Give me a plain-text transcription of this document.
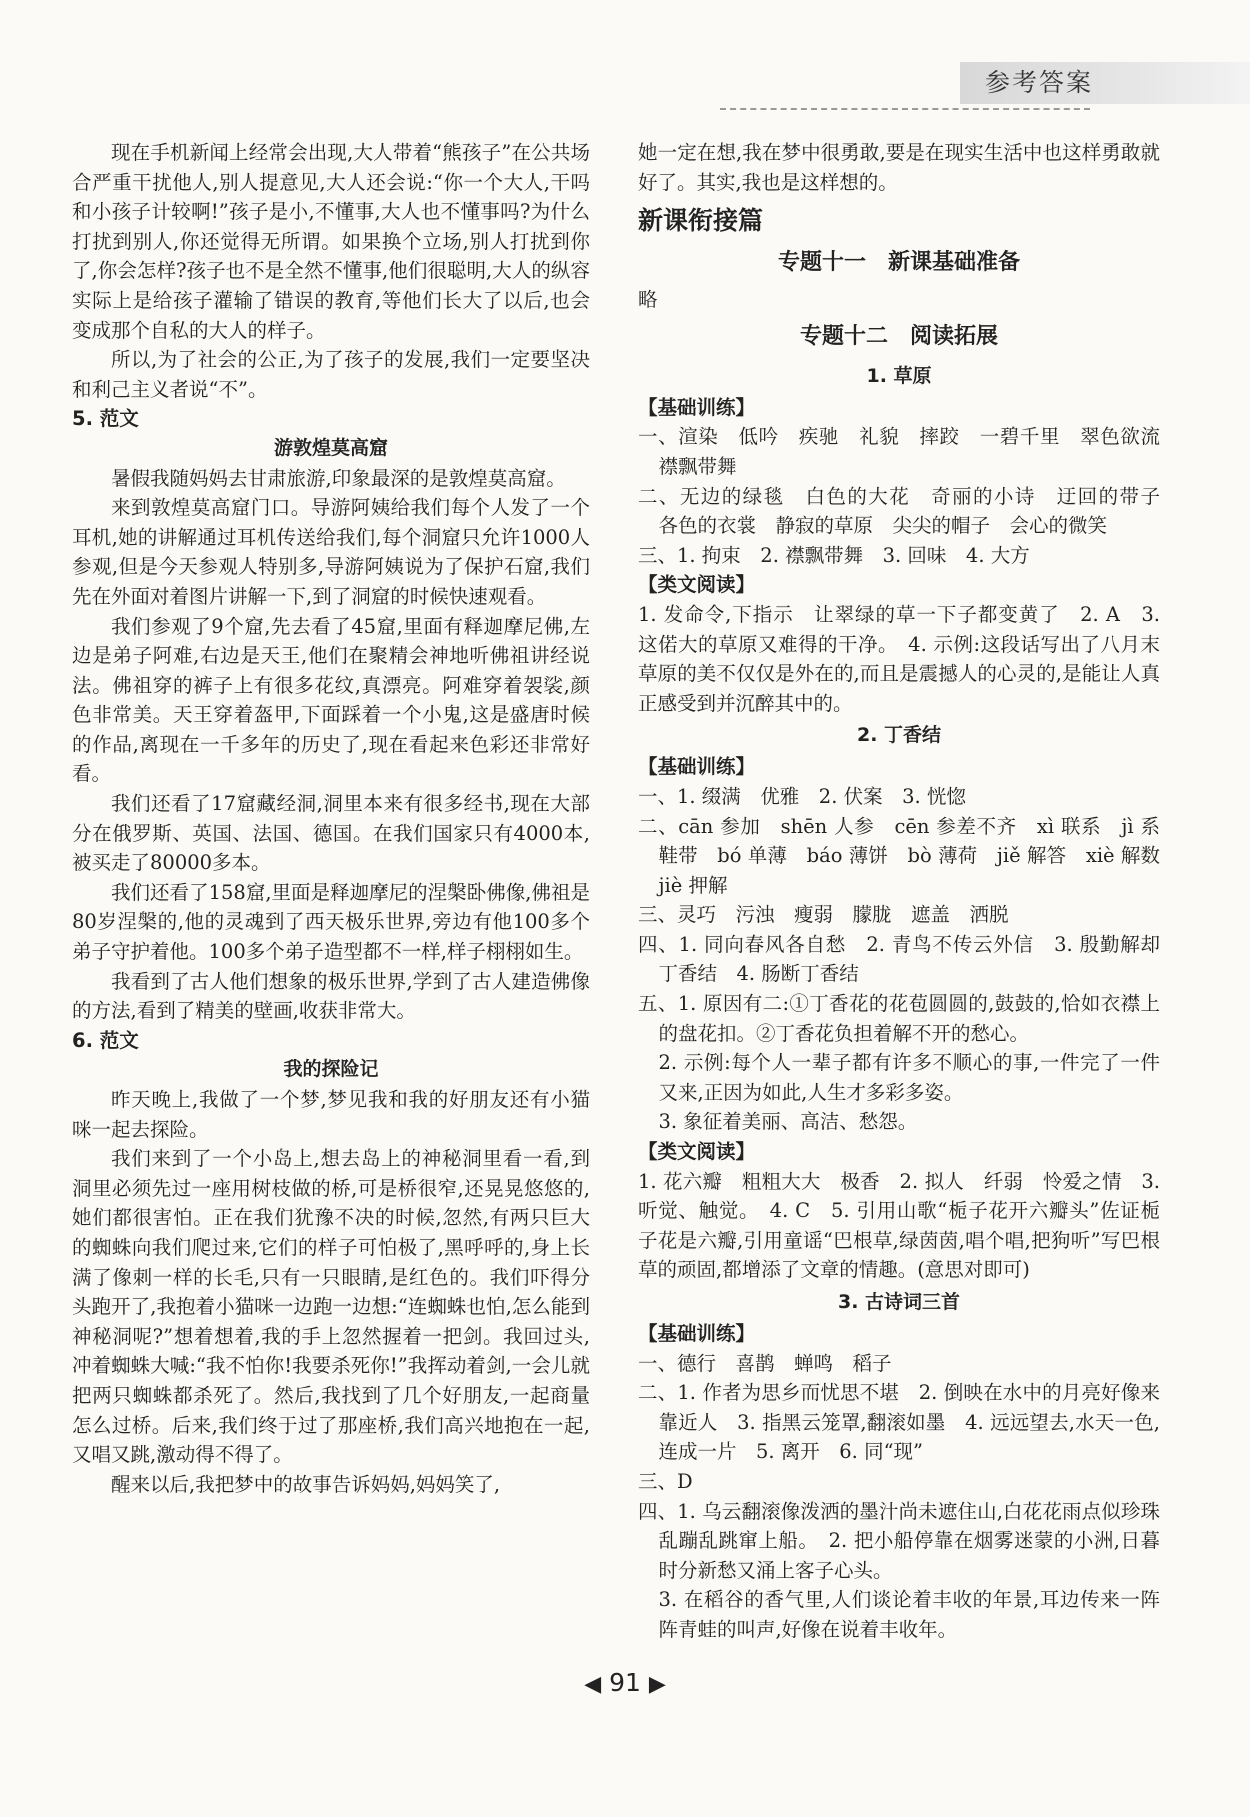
参考答案

现在手机新闻上经常会出现,大人带着“熊孩子”在公共场合严重干扰他人,别人提意见,大人还会说:“你一个大人,干吗和小孩子计较啊!”孩子是小,不懂事,大人也不懂事吗?为什么打扰到别人,你还觉得无所谓。如果换个立场,别人打扰到你了,你会怎样?孩子也不是全然不懂事,他们很聪明,大人的纵容实际上是给孩子灌输了错误的教育,等他们长大了以后,也会变成那个自私的大人的样子。

所以,为了社会的公正,为了孩子的发展,我们一定要坚决和利己主义者说“不”。

5. 范文

游敦煌莫高窟

暑假我随妈妈去甘肃旅游,印象最深的是敦煌莫高窟。

来到敦煌莫高窟门口。导游阿姨给我们每个人发了一个耳机,她的讲解通过耳机传送给我们,每个洞窟只允许1000人参观,但是今天参观人特别多,导游阿姨说为了保护石窟,我们先在外面对着图片讲解一下,到了洞窟的时候快速观看。

我们参观了9个窟,先去看了45窟,里面有释迦摩尼佛,左边是弟子阿难,右边是天王,他们在聚精会神地听佛祖讲经说法。佛祖穿的裤子上有很多花纹,真漂亮。阿难穿着袈裟,颜色非常美。天王穿着盔甲,下面踩着一个小鬼,这是盛唐时候的作品,离现在一千多年的历史了,现在看起来色彩还非常好看。

我们还看了17窟藏经洞,洞里本来有很多经书,现在大部分在俄罗斯、英国、法国、德国。在我们国家只有4000本,被买走了80000多本。

我们还看了158窟,里面是释迦摩尼的涅槃卧佛像,佛祖是80岁涅槃的,他的灵魂到了西天极乐世界,旁边有他100多个弟子守护着他。100多个弟子造型都不一样,样子栩栩如生。

我看到了古人他们想象的极乐世界,学到了古人建造佛像的方法,看到了精美的壁画,收获非常大。

6. 范文

我的探险记

昨天晚上,我做了一个梦,梦见我和我的好朋友还有小猫咪一起去探险。

我们来到了一个小岛上,想去岛上的神秘洞里看一看,到洞里必须先过一座用树枝做的桥,可是桥很窄,还晃晃悠悠的,她们都很害怕。正在我们犹豫不决的时候,忽然,有两只巨大的蜘蛛向我们爬过来,它们的样子可怕极了,黑呼呼的,身上长满了像刺一样的长毛,只有一只眼睛,是红色的。我们吓得分头跑开了,我抱着小猫咪一边跑一边想:“连蜘蛛也怕,怎么能到神秘洞呢?”想着想着,我的手上忽然握着一把剑。我回过头,冲着蜘蛛大喊:“我不怕你!我要杀死你!”我挥动着剑,一会儿就把两只蜘蛛都杀死了。然后,我找到了几个好朋友,一起商量怎么过桥。后来,我们终于过了那座桥,我们高兴地抱在一起,又唱又跳,激动得不得了。

醒来以后,我把梦中的故事告诉妈妈,妈妈笑了,

她一定在想,我在梦中很勇敢,要是在现实生活中也这样勇敢就好了。其实,我也是这样想的。

新课衔接篇

专题十一　新课基础准备

略

专题十二　阅读拓展

1. 草原

【基础训练】

一、渲染　低吟　疾驰　礼貌　摔跤　一碧千里　翠色欲流　襟飘带舞

二、无边的绿毯　白色的大花　奇丽的小诗　迂回的带子　各色的衣裳　静寂的草原　尖尖的帽子　会心的微笑

三、1. 拘束　2. 襟飘带舞　3. 回味　4. 大方

【类文阅读】

1. 发命令,下指示　让翠绿的草一下子都变黄了　2. A　3. 这偌大的草原又难得的干净。　4. 示例:这段话写出了八月末草原的美不仅仅是外在的,而且是震撼人的心灵的,是能让人真正感受到并沉醉其中的。

2. 丁香结

【基础训练】

一、1. 缀满　优雅　2. 伏案　3. 恍惚

二、cān 参加　shēn 人参　cēn 参差不齐　xì 联系　jì 系鞋带　bó 单薄　báo 薄饼　bò 薄荷　jiě 解答　xiè 解数　jiè 押解

三、灵巧　污浊　瘦弱　朦胧　遮盖　洒脱

四、1. 同向春风各自愁　2. 青鸟不传云外信　3. 殷勤解却丁香结　4. 肠断丁香结

五、1. 原因有二:①丁香花的花苞圆圆的,鼓鼓的,恰如衣襟上的盘花扣。②丁香花负担着解不开的愁心。

2. 示例:每个人一辈子都有许多不顺心的事,一件完了一件又来,正因为如此,人生才多彩多姿。

3. 象征着美丽、高洁、愁怨。

【类文阅读】

1. 花六瓣　粗粗大大　极香　2. 拟人　纤弱　怜爱之情　3. 听觉、触觉。　4. C　5. 引用山歌“栀子花开六瓣头”佐证栀子花是六瓣,引用童谣“巴根草,绿茵茵,唱个唱,把狗听”写巴根草的顽固,都增添了文章的情趣。(意思对即可)

3. 古诗词三首

【基础训练】

一、德行　喜鹊　蝉鸣　稻子

二、1. 作者为思乡而忧思不堪　2. 倒映在水中的月亮好像来靠近人　3. 指黑云笼罩,翻滚如墨　4. 远远望去,水天一色,连成一片　5. 离开　6. 同“现”

三、D

四、1. 乌云翻滚像泼洒的墨汁尚未遮住山,白花花雨点似珍珠乱蹦乱跳窜上船。　2. 把小船停靠在烟雾迷蒙的小洲,日暮时分新愁又涌上客子心头。

3. 在稻谷的香气里,人们谈论着丰收的年景,耳边传来一阵阵青蛙的叫声,好像在说着丰收年。

◀ 91 ▶
